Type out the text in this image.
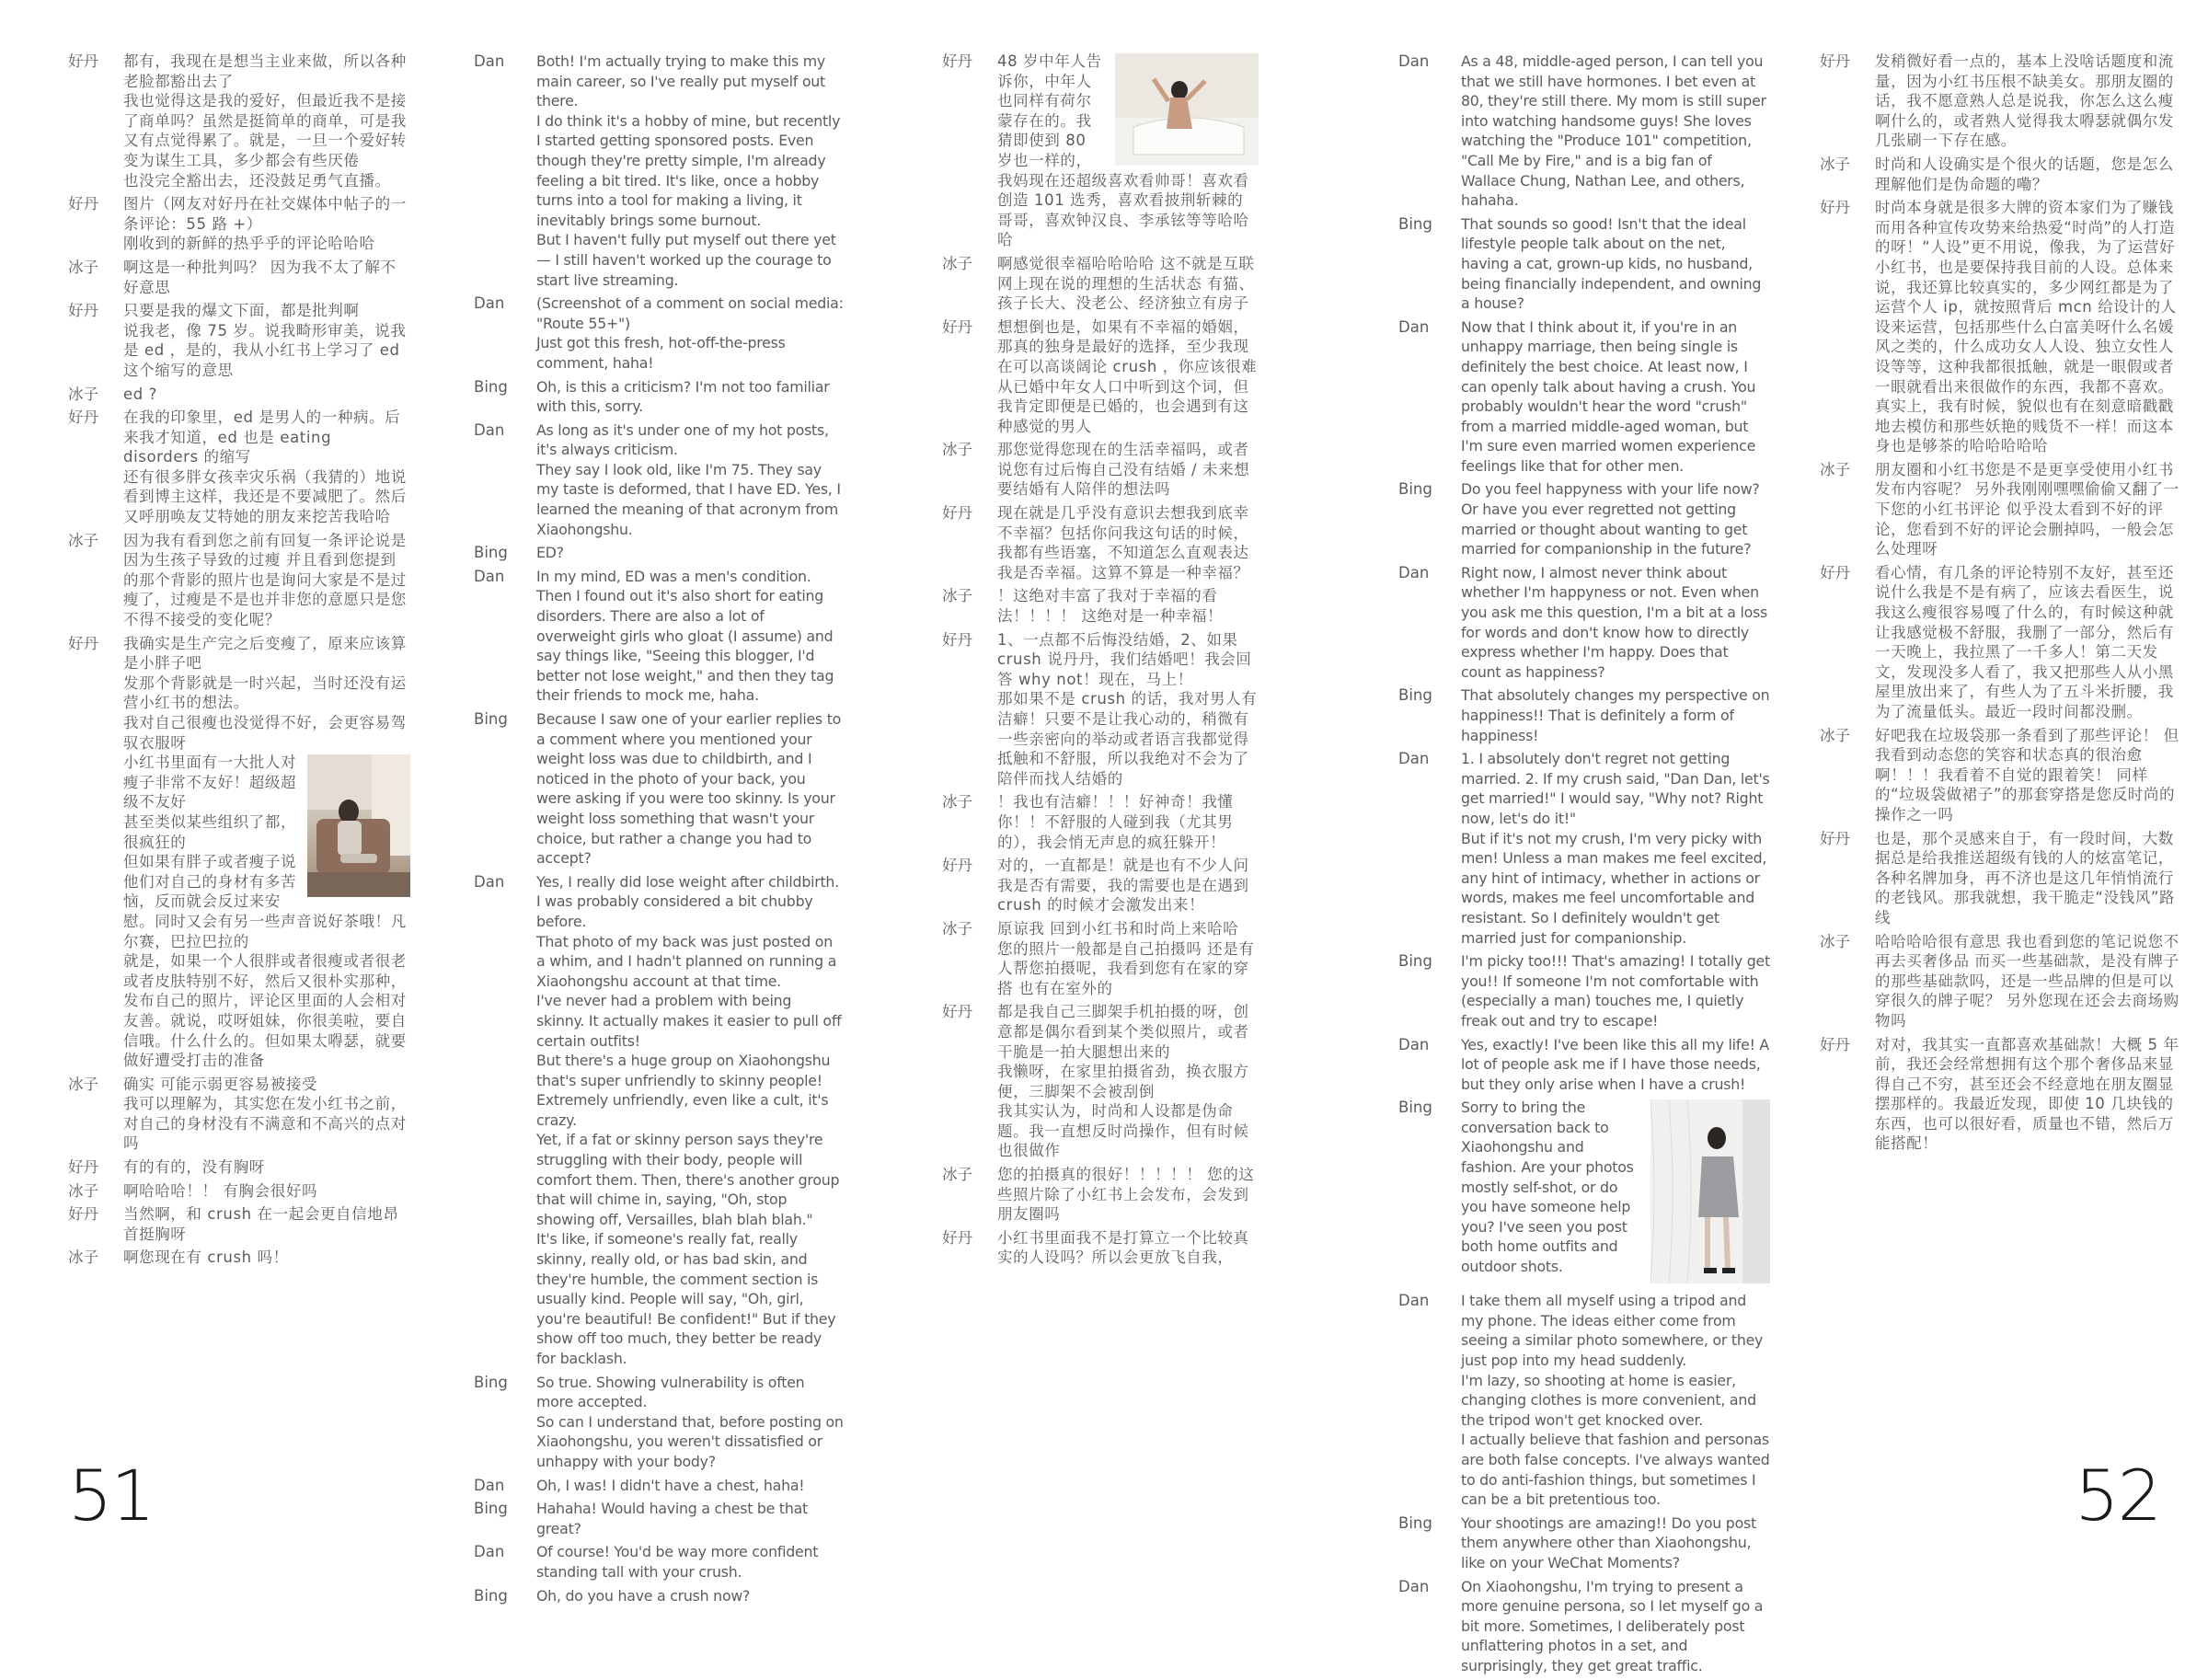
好丹	都有，我现在是想当主业来做，所以各种老脸都豁出去了

我也觉得这是我的爱好，但最近我不是接了商单吗？虽然是挺简单的商单，可是我又有点觉得累了。就是，一旦一个爱好转变为谋生工具，多少都会有些厌倦

也没完全豁出去，还没鼓足勇气直播。

好丹	图片（网友对好丹在社交媒体中帖子的一条评论：55 路 +）

刚收到的新鲜的热乎乎的评论哈哈哈

冰子	啊这是一种批判吗？ 因为我不太了解不好意思

好丹	只要是我的爆文下面，都是批判啊

说我老，像 75 岁。说我畸形审美，说我是 ed ，是的，我从小红书上学习了 ed 这个缩写的意思

冰子	ed ?

好丹	在我的印象里，ed 是男人的一种病。后来我才知道，ed 也是 eating disorders 的缩写

还有很多胖女孩幸灾乐祸（我猜的）地说看到博主这样，我还是不要减肥了。然后又呼朋唤友艾特她的朋友来挖苦我哈哈

冰子	因为我有看到您之前有回复一条评论说是因为生孩子导致的过瘦 并且看到您提到的那个背影的照片也是询问大家是不是过瘦了，过瘦是不是也并非您的意愿只是您不得不接受的变化呢？

好丹	我确实是生产完之后变瘦了，原来应该算是小胖子吧

发那个背影就是一时兴起，当时还没有运营小红书的想法。

我对自己很瘦也没觉得不好，会更容易驾驭衣服呀

小红书里面有一大批人对瘦子非常不友好！超级超级不友好

甚至类似某些组织了都，很疯狂的

但如果有胖子或者瘦子说他们对自己的身材有多苦恼，反而就会反过来安慰。同时又会有另一些声音说好茶哦！凡尔赛，巴拉巴拉的

就是，如果一个人很胖或者很瘦或者很老或者皮肤特别不好，然后又很朴实那种，发布自己的照片，评论区里面的人会相对友善。就说，哎呀姐妹，你很美啦，要自信哦。什么什么的。但如果太嘚瑟，就要做好遭受打击的准备

冰子	确实 可能示弱更容易被接受

我可以理解为，其实您在发小红书之前，对自己的身材没有不满意和不高兴的点对吗

好丹	有的有的，没有胸呀

冰子	啊哈哈哈！！ 有胸会很好吗

好丹	当然啊，和 crush 在一起会更自信地昂首挺胸呀

冰子	啊您现在有 crush 吗！

Dan	Both! I'm actually trying to make this my main career, so I've really put myself out there.

I do think it's a hobby of mine, but recently I started getting sponsored posts. Even though they're pretty simple, I'm already feeling a bit tired. It's like, once a hobby turns into a tool for making a living, it inevitably brings some burnout.

But I haven't fully put myself out there yet— I still haven't worked up the courage to start live streaming.

Dan	(Screenshot of a comment on social media: "Route 55+")

Just got this fresh, hot-off-the-press comment, haha!

Bing	Oh, is this a criticism? I'm not too familiar with this, sorry.

Dan	As long as it's under one of my hot posts, it's always criticism.

They say I look old, like I'm 75. They say my taste is deformed, that I have ED. Yes, I learned the meaning of that acronym from Xiaohongshu.

Bing	ED?

Dan	In my mind, ED was a men's condition. Then I found out it's also short for eating disorders. There are also a lot of overweight girls who gloat (I assume) and say things like, "Seeing this blogger, I'd better not lose weight," and then they tag their friends to mock me, haha.

Bing	Because I saw one of your earlier replies to a comment where you mentioned your weight loss was due to childbirth, and I noticed in the photo of your back, you were asking if you were too skinny. Is your weight loss something that wasn't your choice, but rather a change you had to accept?

Dan	Yes, I really did lose weight after childbirth. I was probably considered a bit chubby before.

That photo of my back was just posted on a whim, and I hadn't planned on running a Xiaohongshu account at that time.

I've never had a problem with being skinny. It actually makes it easier to pull off certain outfits!

But there's a huge group on Xiaohongshu that's super unfriendly to skinny people! Extremely unfriendly, even like a cult, it's crazy.

Yet, if a fat or skinny person says they're struggling with their body, people will comfort them. Then, there's another group that will chime in, saying, "Oh, stop showing off, Versailles, blah blah blah."

It's like, if someone's really fat, really skinny, really old, or has bad skin, and they're humble, the comment section is usually kind. People will say, "Oh, girl, you're beautiful! Be confident!" But if they show off too much, they better be ready for backlash.

Bing	So true. Showing vulnerability is often more accepted.

So can I understand that, before posting on Xiaohongshu, you weren't dissatisfied or unhappy with your body?

Dan	Oh, I was! I didn't have a chest, haha!

Bing	Hahaha! Would having a chest be that great?

Dan	Of course! You'd be way more confident standing tall with your crush.

Bing	Oh, do you have a crush now?

好丹	48 岁中年人告诉你，中年人也同样有荷尔蒙存在的。我猜即使到 80 岁也一样的，我妈现在还超级喜欢看帅哥！喜欢看创造 101 选秀，喜欢看披荆斩棘的哥哥，喜欢钟汉良、李承铉等等哈哈哈

冰子	啊感觉很幸福哈哈哈哈 这不就是互联网上现在说的理想的生活状态 有猫、孩子长大、没老公、经济独立有房子

好丹	想想倒也是，如果有不幸福的婚姻，那真的独身是最好的选择，至少我现在可以高谈阔论 crush ，你应该很难从已婚中年女人口中听到这个词，但我肯定即便是已婚的，也会遇到有这种感觉的男人

冰子	那您觉得您现在的生活幸福吗，或者说您有过后悔自己没有结婚 / 未来想要结婚有人陪伴的想法吗

好丹	现在就是几乎没有意识去想我到底幸不幸福？包括你问我这句话的时候，我都有些语塞，不知道怎么直观表达我是否幸福。这算不算是一种幸福？

冰子	！这绝对丰富了我对于幸福的看法！！！！ 这绝对是一种幸福！

好丹	1、一点都不后悔没结婚，2、如果 crush 说丹丹，我们结婚吧！我会回答 why not！现在，马上！

那如果不是 crush 的话，我对男人有洁癖！只要不是让我心动的，稍微有一些亲密向的举动或者语言我都觉得抵触和不舒服，所以我绝对不会为了陪伴而找人结婚的

冰子	！我也有洁癖！！！好神奇！我懂你！！不舒服的人碰到我（尤其男的），我会悄无声息的疯狂躲开！

好丹	对的，一直都是！就是也有不少人问我是否有需要，我的需要也是在遇到 crush 的时候才会激发出来！

冰子	原谅我 回到小红书和时尚上来哈哈 您的照片一般都是自己拍摄吗 还是有人帮您拍摄呢，我看到您有在家的穿搭 也有在室外的

好丹	都是我自己三脚架手机拍摄的呀，创意都是偶尔看到某个类似照片，或者干脆是一拍大腿想出来的

我懒呀，在家里拍摄省劲，换衣服方便，三脚架不会被刮倒

我其实认为，时尚和人设都是伪命题。我一直想反时尚操作，但有时候也很做作

冰子	您的拍摄真的很好！！！！！ 您的这些照片除了小红书上会发布，会发到朋友圈吗

好丹	小红书里面我不是打算立一个比较真实的人设吗？所以会更放飞自我，

Dan	As a 48, middle-aged person, I can tell you that we still have hormones. I bet even at 80, they're still there. My mom is still super into watching handsome guys! She loves watching the "Produce 101" competition, "Call Me by Fire," and is a big fan of Wallace Chung, Nathan Lee, and others, hahaha.

Bing	That sounds so good! Isn't that the ideal lifestyle people talk about on the net, having a cat, grown-up kids, no husband, being financially independent, and owning a house?

Dan	Now that I think about it, if you're in an unhappy marriage, then being single is definitely the best choice. At least now, I can openly talk about having a crush. You probably wouldn't hear the word "crush" from a married middle-aged woman, but I'm sure even married women experience feelings like that for other men.

Bing	Do you feel happyness with your life now? Or have you ever regretted not getting married or thought about wanting to get married for companionship in the future?

Dan	Right now, I almost never think about whether I'm happyness or not. Even when you ask me this question, I'm a bit at a loss for words and don't know how to directly express whether I'm happy. Does that count as happiness?

Bing	That absolutely changes my perspective on happiness!! That is definitely a form of happiness!

Dan	1. I absolutely don't regret not getting married. 2. If my crush said, "Dan Dan, let's get married!" I would say, "Why not? Right now, let's do it!"

But if it's not my crush, I'm very picky with men! Unless a man makes me feel excited, any hint of intimacy, whether in actions or words, makes me feel uncomfortable and resistant. So I definitely wouldn't get married just for companionship.

Bing	I'm picky too!!! That's amazing! I totally get you!! If someone I'm not comfortable with (especially a man) touches me, I quietly freak out and try to escape!

Dan	Yes, exactly! I've been like this all my life! A lot of people ask me if I have those needs, but they only arise when I have a crush!

Bing	Sorry to bring the conversation back to Xiaohongshu and fashion. Are your photos mostly self-shot, or do you have someone help you? I've seen you post both home outfits and outdoor shots.

Dan	I take them all myself using a tripod and my phone. The ideas either come from seeing a similar photo somewhere, or they just pop into my head suddenly.

I'm lazy, so shooting at home is easier, changing clothes is more convenient, and the tripod won't get knocked over.

I actually believe that fashion and personas are both false concepts. I've always wanted to do anti-fashion things, but sometimes I can be a bit pretentious too.

Bing	Your shootings are amazing!! Do you post them anywhere other than Xiaohongshu, like on your WeChat Moments?

Dan	On Xiaohongshu, I'm trying to present a more genuine persona, so I let myself go a bit more. Sometimes, I deliberately post unflattering photos in a set, and surprisingly, they get great traffic.

好丹	发稍微好看一点的，基本上没啥话题度和流量，因为小红书压根不缺美女。那朋友圈的话，我不愿意熟人总是说我，你怎么这么瘦啊什么的，或者熟人觉得我太嘚瑟就偶尔发几张刷一下存在感。

冰子	时尚和人设确实是个很火的话题，您是怎么理解他们是伪命题的嘞？

好丹	时尚本身就是很多大牌的资本家们为了赚钱而用各种宣传攻势来给热爱“时尚”的人打造的呀！“人设”更不用说，像我，为了运营好小红书，也是要保持我目前的人设。总体来说，我还算比较真实的，多少网红都是为了运营个人 ip，就按照背后 mcn 给设计的人设来运营，包括那些什么白富美呀什么名媛风之类的，什么成功女人人设、独立女性人设等等，这种我都很抵触，就是一眼假或者一眼就看出来很做作的东西，我都不喜欢。真实上，我有时候，貌似也有在刻意暗戳戳地去模仿和那些妖艳的贱货不一样！而这本身也是够茶的哈哈哈哈哈

冰子	朋友圈和小红书您是不是更享受使用小红书发布内容呢？ 另外我刚刚嘿嘿偷偷又翻了一下您的小红书评论 似乎没太看到不好的评论，您看到不好的评论会删掉吗，一般会怎么处理呀

好丹	看心情，有几条的评论特别不友好，甚至还说什么我是不是有病了，应该去看医生，说我这么瘦很容易嘎了什么的，有时候这种就让我感觉极不舒服，我删了一部分，然后有一天晚上，我拉黑了一千多人！第二天发文，发现没多人看了，我又把那些人从小黑屋里放出来了，有些人为了五斗米折腰，我为了流量低头。最近一段时间都没删。

冰子	好吧我在垃圾袋那一条看到了那些评论！ 但我看到动态您的笑容和状态真的很治愈啊！！！我看着不自觉的跟着笑！ 同样的“垃圾袋做裙子”的那套穿搭是您反时尚的操作之一吗

好丹	也是，那个灵感来自于，有一段时间，大数据总是给我推送超级有钱的人的炫富笔记，各种名牌加身，再不济也是这几年悄悄流行的老钱风。那我就想，我干脆走“没钱风”路线

冰子	哈哈哈哈很有意思 我也看到您的笔记说您不再去买奢侈品 而买一些基础款，是没有牌子的那些基础款吗，还是一些品牌的但是可以穿很久的牌子呢？ 另外您现在还会去商场购物吗

好丹	对对，我其实一直都喜欢基础款！大概 5 年前，我还会经常想拥有这个那个奢侈品来显得自己不穷，甚至还会不经意地在朋友圈显摆那样的。我最近发现，即使 10 几块钱的东西，也可以很好看，质量也不错，然后万能搭配！

51	52
